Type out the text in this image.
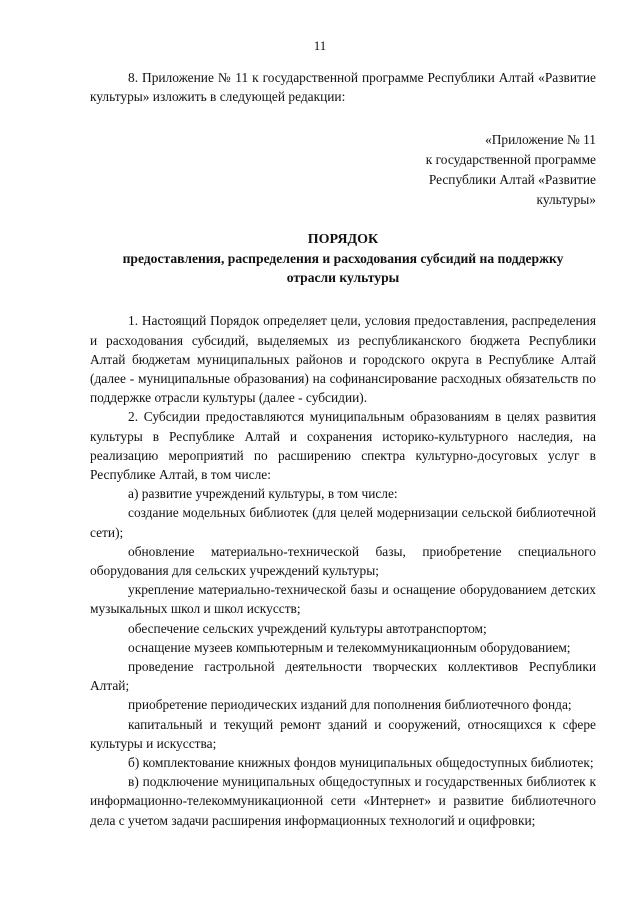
11

8. Приложение № 11 к государственной программе Республики Алтай «Развитие культуры» изложить в следующей редакции:

«Приложение № 11
к государственной программе
Республики Алтай «Развитие
культуры»
ПОРЯДОК
предоставления, распределения и расходования субсидий на поддержку отрасли культуры

1. Настоящий Порядок определяет цели, условия предоставления, распределения и расходования субсидий, выделяемых из республиканского бюджета Республики Алтай бюджетам муниципальных районов и городского округа в Республике Алтай (далее - муниципальные образования) на софинансирование расходных обязательств по поддержке отрасли культуры (далее - субсидии).

2. Субсидии предоставляются муниципальным образованиям в целях развития культуры в Республике Алтай и сохранения историко-культурного наследия, на реализацию мероприятий по расширению спектра культурно-досуговых услуг в Республике Алтай, в том числе:

а) развитие учреждений культуры, в том числе:

создание модельных библиотек (для целей модернизации сельской библиотечной сети);

обновление материально-технической базы, приобретение специального оборудования для сельских учреждений культуры;

укрепление материально-технической базы и оснащение оборудованием детских музыкальных школ и школ искусств;

обеспечение сельских учреждений культуры автотранспортом;

оснащение музеев компьютерным и телекоммуникационным оборудованием;

проведение гастрольной деятельности творческих коллективов Республики Алтай;

приобретение периодических изданий для пополнения библиотечного фонда;

капитальный и текущий ремонт зданий и сооружений, относящихся к сфере культуры и искусства;

б) комплектование книжных фондов муниципальных общедоступных библиотек;

в) подключение муниципальных общедоступных и государственных библиотек к информационно-телекоммуникационной сети «Интернет» и развитие библиотечного дела с учетом задачи расширения информационных технологий и оцифровки;
